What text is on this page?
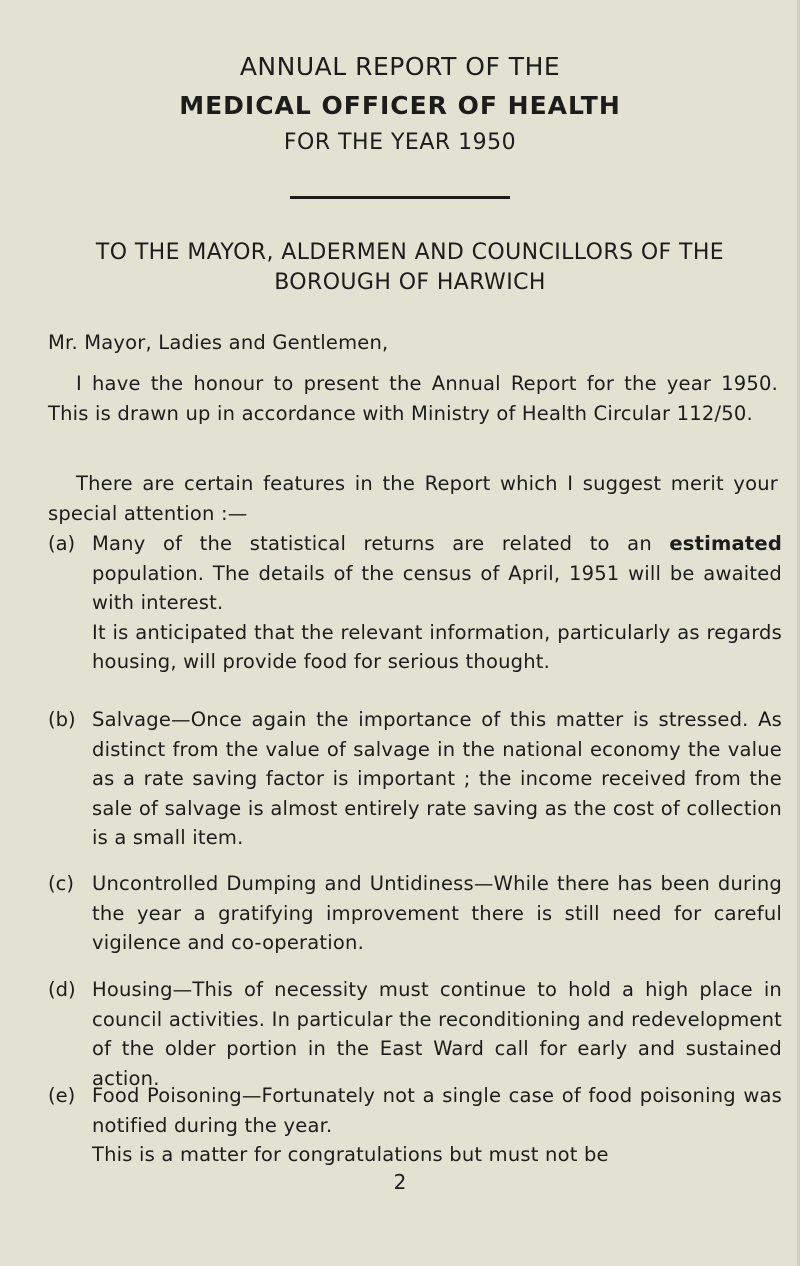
ANNUAL REPORT OF THE
MEDICAL OFFICER OF HEALTH
FOR THE YEAR 1950
TO THE MAYOR, ALDERMEN AND COUNCILLORS OF THE
BOROUGH OF HARWICH
Mr. Mayor, Ladies and Gentlemen,
I have the honour to present the Annual Report for the year 1950. This is drawn up in accordance with Ministry of Health Circular 112/50.
There are certain features in the Report which I suggest merit your special attention :—
(a) Many of the statistical returns are related to an estimated population. The details of the census of April, 1951 will be awaited with interest.
It is anticipated that the relevant information, particularly as regards housing, will provide food for serious thought.
(b) Salvage—Once again the importance of this matter is stressed. As distinct from the value of salvage in the national economy the value as a rate saving factor is important ; the income received from the sale of salvage is almost entirely rate saving as the cost of collection is a small item.
(c) Uncontrolled Dumping and Untidiness—While there has been during the year a gratifying improvement there is still need for careful vigilence and co-operation.
(d) Housing—This of necessity must continue to hold a high place in council activities. In particular the reconditioning and redevelopment of the older portion in the East Ward call for early and sustained action.
(e) Food Poisoning—Fortunately not a single case of food poisoning was notified during the year.
This is a matter for congratulations but must not be
2
